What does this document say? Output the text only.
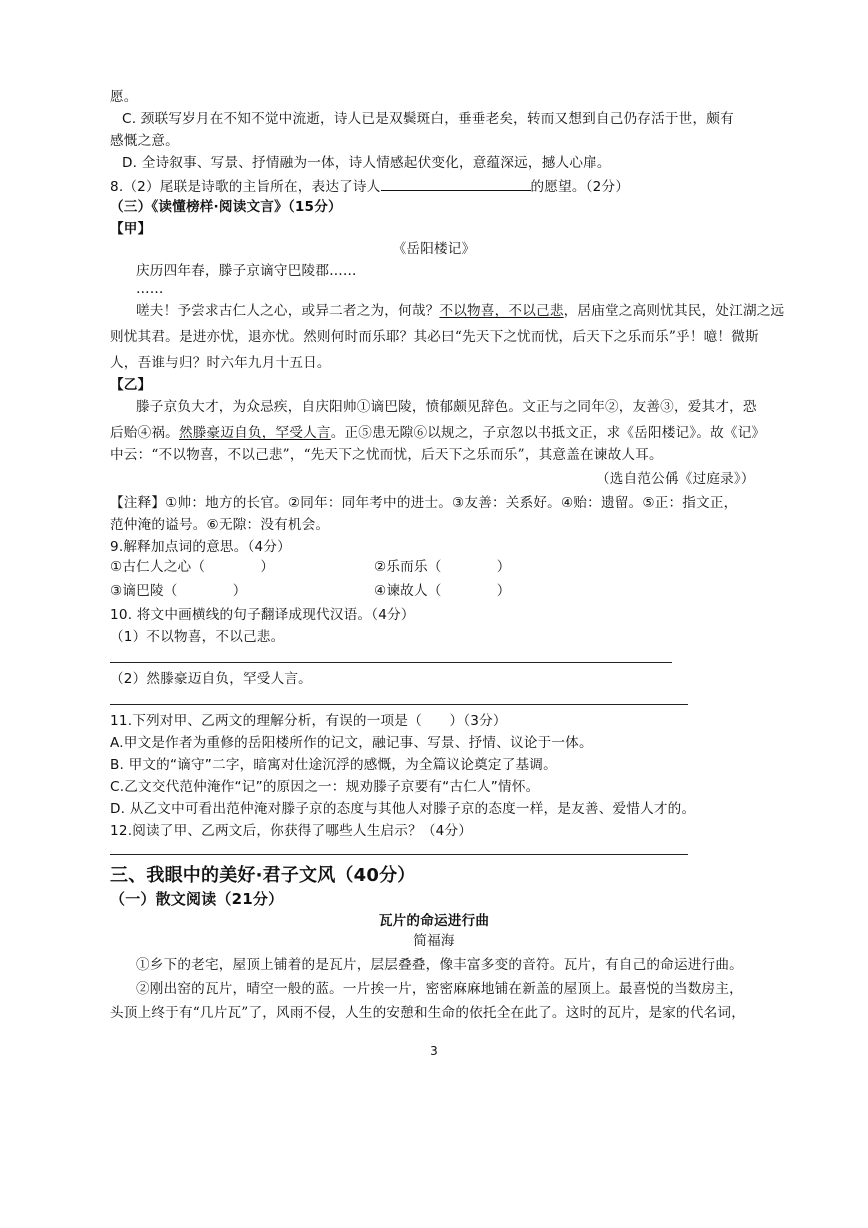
愿。
C. 颈联写岁月在不知不觉中流逝，诗人已是双鬓斑白，垂垂老矣，转而又想到自己仍存活于世，颇有
感慨之意。
D. 全诗叙事、写景、抒情融为一体，诗人情感起伏变化，意蕴深远，撼人心扉。
8.（2）尾联是诗歌的主旨所在，表达了诗人	的愿望。（2分）
（三）《读懂榜样·阅读文言》（15分）
【甲】
《岳阳楼记》
庆历四年春，滕子京谪守巴陵郡……
……
嗟夫！予尝求古仁人之心，或异二者之为，何哉？不以物喜，不以己悲，居庙堂之高则忧其民，处江湖之远
则忧其君。是进亦忧，退亦忧。然则何时而乐耶？其必曰“先天下之忧而忧，后天下之乐而乐”乎！噫！微斯
人，吾谁与归？时六年九月十五日。
【乙】
滕子京负大才，为众忌疾，自庆阳帅①谪巴陵，愤郁颇见辞色。文正与之同年②，友善③，爱其才，恐
后贻④祸。然滕豪迈自负，罕受人言。正⑤患无隙⑥以规之，子京忽以书抵文正，求《岳阳楼记》。故《记》
中云：“不以物喜，不以己悲”，“先天下之忧而忧，后天下之乐而乐”，其意盖在谏故人耳。
（选自范公偁《过庭录》）
【注释】①帅：地方的长官。②同年：同年考中的进士。③友善：关系好。④贻：遗留。⑤正：指文正，
范仲淹的谥号。⑥无隙：没有机会。
9.解释加点词的意思。（4分）
①古仁人之心（　　　　）	②乐而乐（　　　　）
③谪巴陵（　　　　）	④谏故人（　　　　）
10. 将文中画横线的句子翻译成现代汉语。（4分）
（1）不以物喜，不以己悲。
（2）然滕豪迈自负，罕受人言。
11.下列对甲、乙两文的理解分析，有误的一项是（　　）（3分）
A.甲文是作者为重修的岳阳楼所作的记文，融记事、写景、抒情、议论于一体。
B. 甲文的“谪守”二字，暗寓对仕途沉浮的感慨，为全篇议论奠定了基调。
C.乙文交代范仲淹作“记”的原因之一：规劝滕子京要有“古仁人”情怀。
D. 从乙文中可看出范仲淹对滕子京的态度与其他人对滕子京的态度一样，是友善、爱惜人才的。
12.阅读了甲、乙两文后，你获得了哪些人生启示？（4分）
三、我眼中的美好·君子文风（40分）
（一）散文阅读（21分）
瓦片的命运进行曲
简福海
①乡下的老宅，屋顶上铺着的是瓦片，层层叠叠，像丰富多变的音符。瓦片，有自己的命运进行曲。
②刚出窑的瓦片，晴空一般的蓝。一片挨一片，密密麻麻地铺在新盖的屋顶上。最喜悦的当数房主，
头顶上终于有“几片瓦”了，风雨不侵，人生的安憩和生命的依托全在此了。这时的瓦片，是家的代名词，
3
